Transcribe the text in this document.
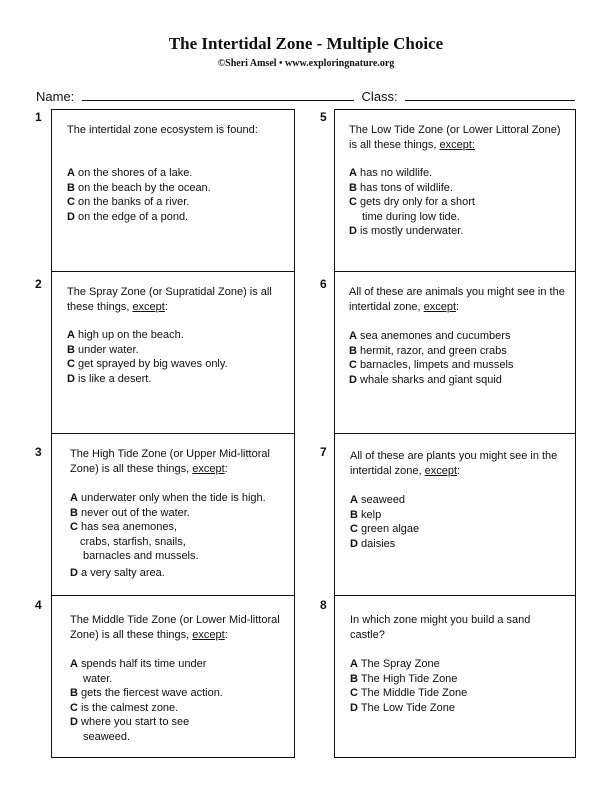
The Intertidal Zone - Multiple Choice
©Sheri Amsel • www.exploringnature.org
Name:	Class:
1
The intertidal zone ecosystem is found:
A on the shores of a lake.
B on the beach by the ocean.
C on the banks of a river.
D on the edge of a pond.
2
The Spray Zone (or Supratidal Zone) is all these things, except:
A high up on the beach.
B under water.
C get sprayed by big waves only.
D is like a desert.
3	The High Tide Zone (or Upper Mid-littoral Zone) is all these things, except:
A underwater only when the tide is high.
B never out of the water.
C has sea anemones,
crabs, starfish, snails,
barnacles and mussels.
D a very salty area.
4
The Middle Tide Zone (or Lower Mid-littoral Zone) is all these things, except:
A spends half its time under
water.
B gets the fiercest wave action.
C is the calmest zone.
D where you start to see
seaweed.
5
The Low Tide Zone (or Lower Littoral Zone) is all these things, except:
A has no wildlife.
B has tons of wildlife.
C gets dry only for a short
time during low tide.
D is mostly underwater.
6
All of these are animals you might see in the intertidal zone, except:
A sea anemones and cucumbers
B hermit, razor, and green crabs
C barnacles, limpets and mussels
D whale sharks and giant squid
7 All of these are plants you might see in the intertidal zone, except:
A seaweed
B kelp
C green algae
D daisies
8
In which zone might you build a sand castle?
A The Spray Zone
B The High Tide Zone
C The Middle Tide Zone
D The Low Tide Zone
